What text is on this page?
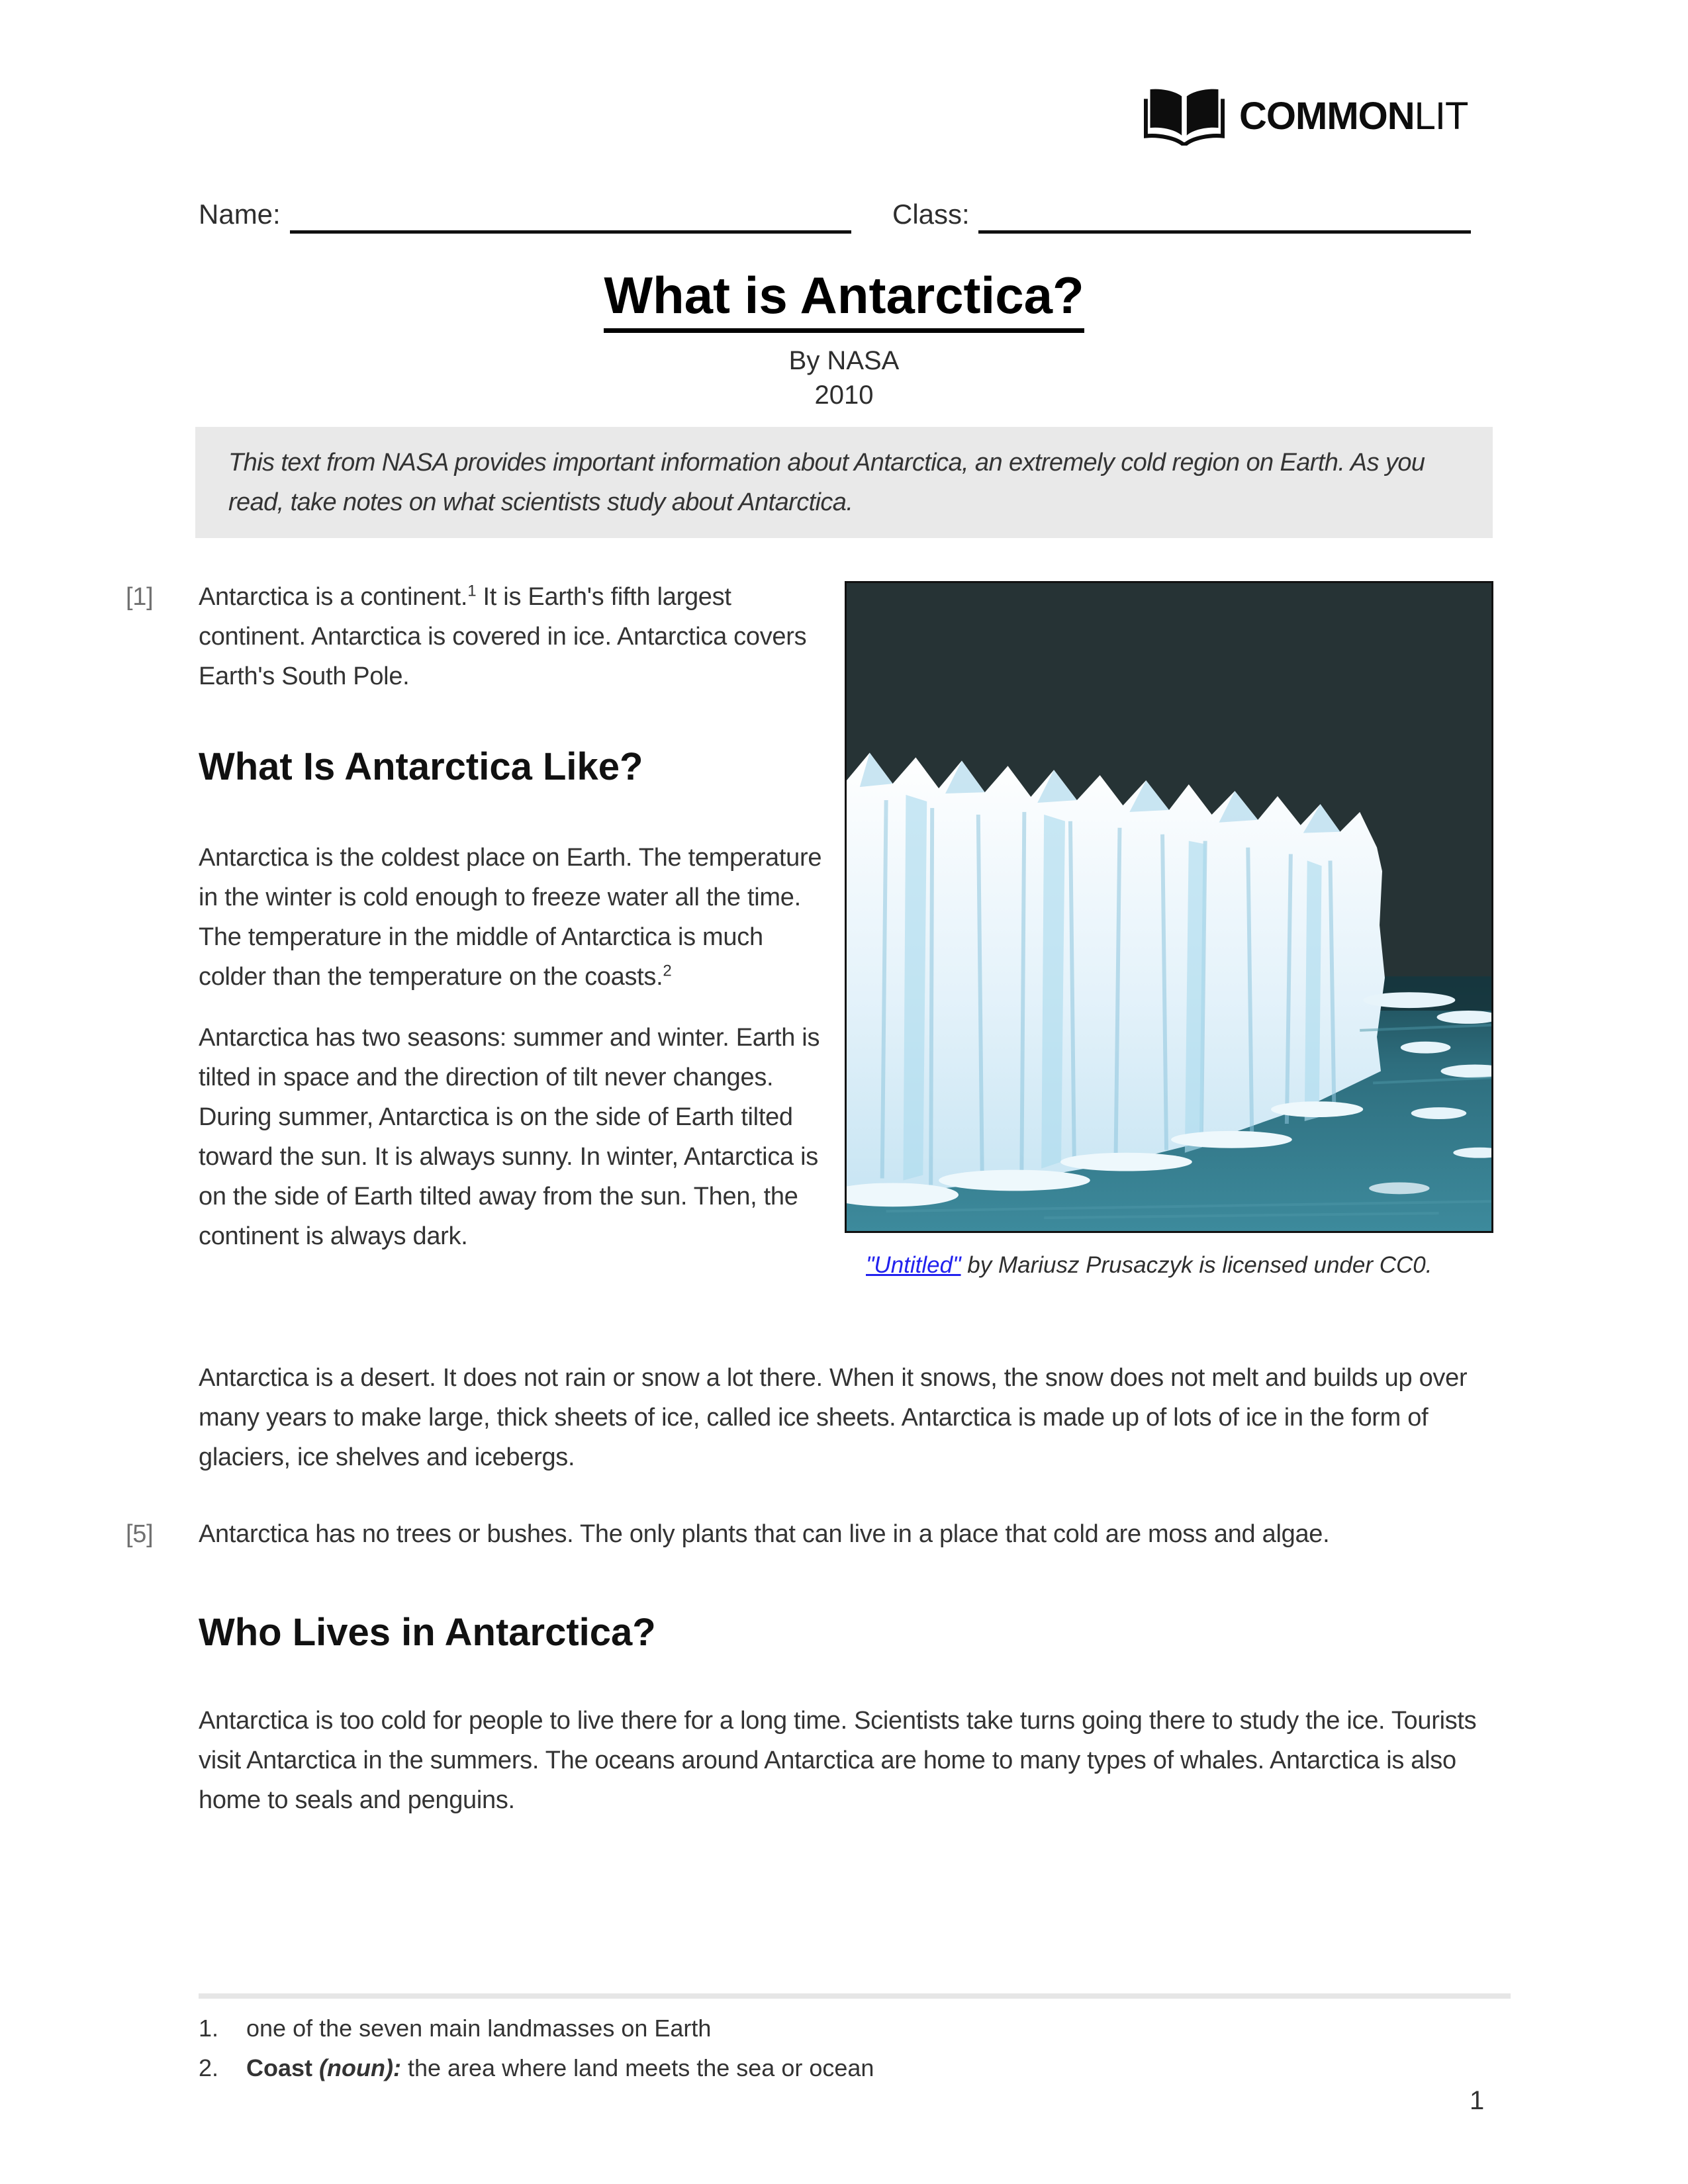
COMMONLIT
Name:	Class:
What is Antarctica?
By NASA
2010

This text from NASA provides important information about Antarctica, an extremely cold region on Earth. As you read, take notes on what scientists study about Antarctica.

[1] Antarctica is a continent.$^1$ It is Earth's fifth largest continent. Antarctica is covered in ice. Antarctica covers Earth's South Pole.

What Is Antarctica Like?

Antarctica is the coldest place on Earth. The temperature in the winter is cold enough to freeze water all the time. The temperature in the middle of Antarctica is much colder than the temperature on the coasts.$^2$

Antarctica has two seasons: summer and winter. Earth is tilted in space and the direction of tilt never changes. During summer, Antarctica is on the side of Earth tilted toward the sun. It is always sunny. In winter, Antarctica is on the side of Earth tilted away from the sun. Then, the continent is always dark.

"Untitled" by Mariusz Prusaczyk is licensed under CC0.

Antarctica is a desert. It does not rain or snow a lot there. When it snows, the snow does not melt and builds up over many years to make large, thick sheets of ice, called ice sheets. Antarctica is made up of lots of ice in the form of glaciers, ice shelves and icebergs.

[5] Antarctica has no trees or bushes. The only plants that can live in a place that cold are moss and algae.

Who Lives in Antarctica?

Antarctica is too cold for people to live there for a long time. Scientists take turns going there to study the ice. Tourists visit Antarctica in the summers. The oceans around Antarctica are home to many types of whales. Antarctica is also home to seals and penguins.

1.	one of the seven main landmasses on Earth
2.	Coast (noun): the area where land meets the sea or ocean
1
